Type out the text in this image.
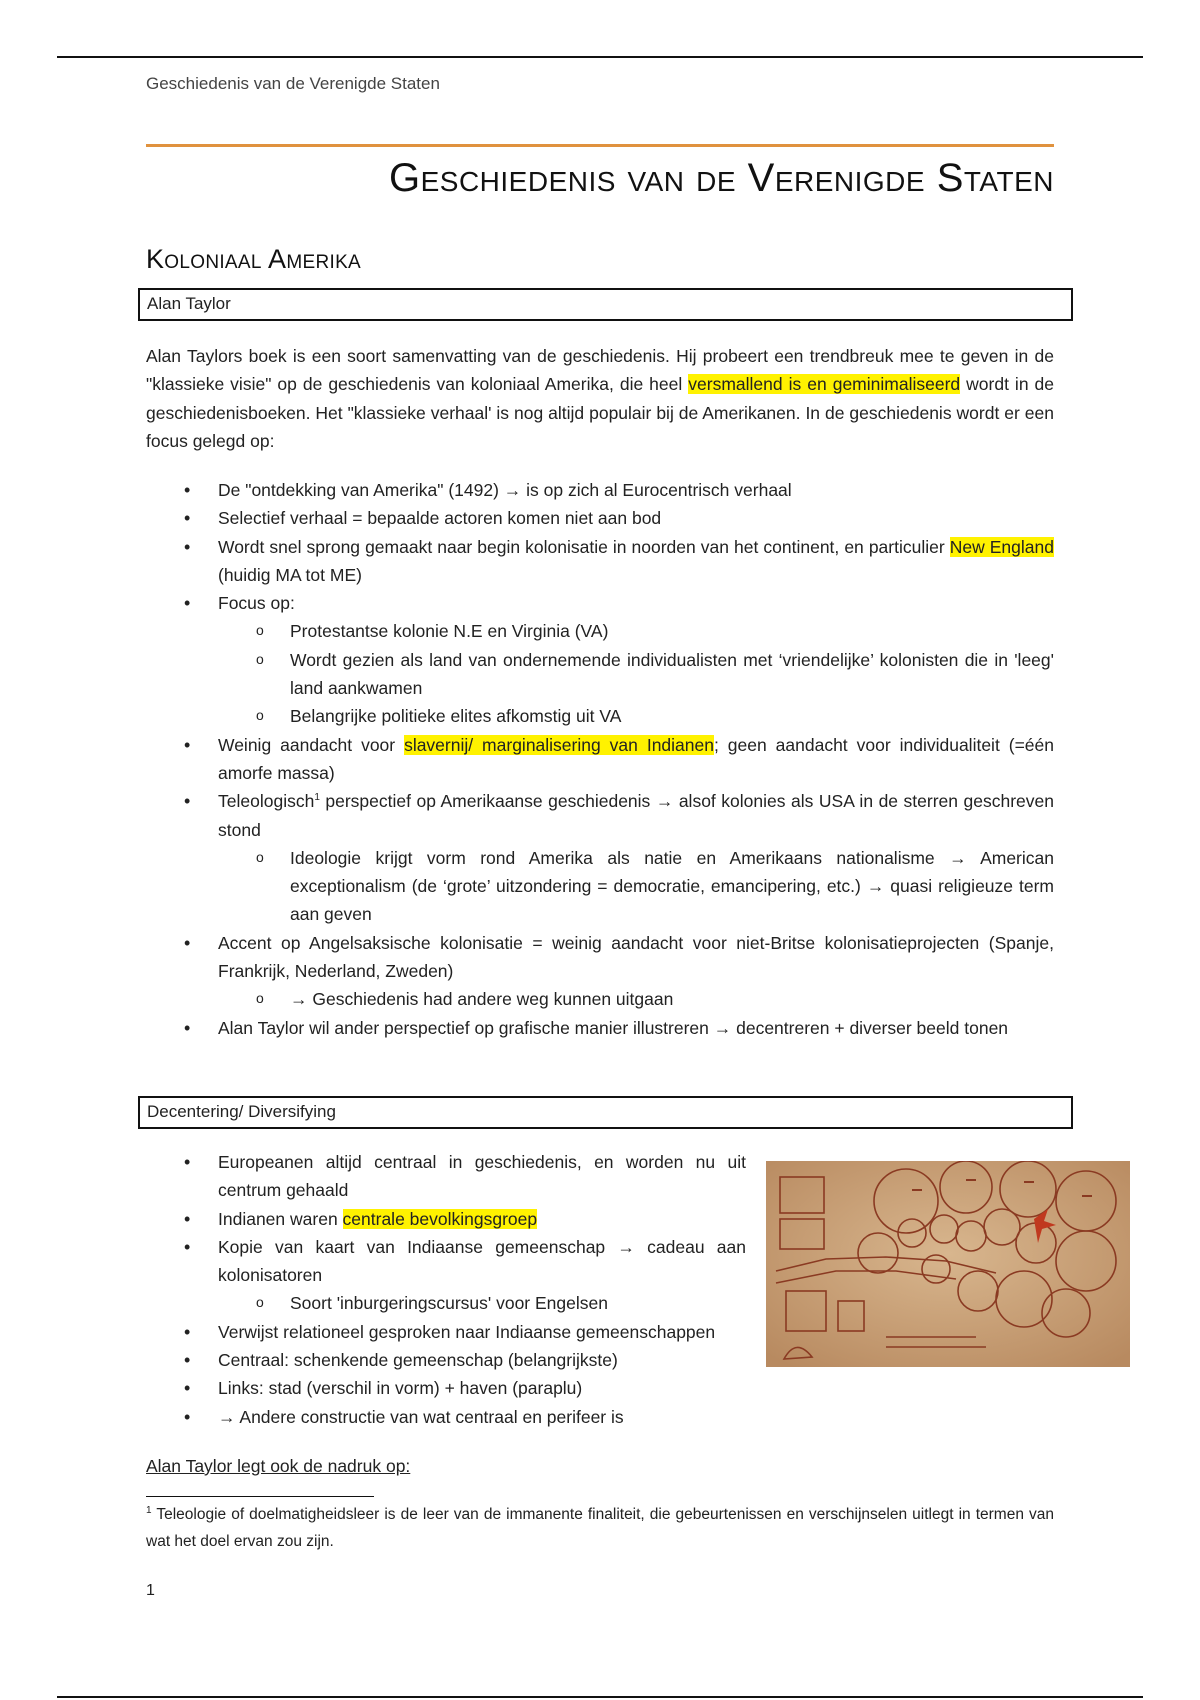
Geschiedenis van de Verenigde Staten
Geschiedenis van de Verenigde Staten
Koloniaal Amerika
Alan Taylor
Alan Taylors boek is een soort samenvatting van de geschiedenis. Hij probeert een trendbreuk mee te geven in de "klassieke visie" op de geschiedenis van koloniaal Amerika, die heel versmallend is en geminimaliseerd wordt in de geschiedenisboeken. Het "klassieke verhaal' is nog altijd populair bij de Amerikanen. In de geschiedenis wordt er een focus gelegd op:
• De "ontdekking van Amerika" (1492) → is op zich al Eurocentrisch verhaal
• Selectief verhaal = bepaalde actoren komen niet aan bod
• Wordt snel sprong gemaakt naar begin kolonisatie in noorden van het continent, en particulier New England (huidig MA tot ME)
• Focus op:
o Protestantse kolonie N.E en Virginia (VA)
o Wordt gezien als land van ondernemende individualisten met ‘vriendelijke’ kolonisten die in 'leeg' land aankwamen
o Belangrijke politieke elites afkomstig uit VA
• Weinig aandacht voor slavernij/ marginalisering van Indianen; geen aandacht voor individualiteit (=één amorfe massa)
• Teleologisch$^1$ perspectief op Amerikaanse geschiedenis → alsof kolonies als USA in de sterren geschreven stond
o Ideologie krijgt vorm rond Amerika als natie en Amerikaans nationalisme → American exceptionalism (de ‘grote’ uitzondering = democratie, emancipering, etc.) → quasi religieuze term aan geven
• Accent op Angelsaksische kolonisatie = weinig aandacht voor niet-Britse kolonisatieprojecten (Spanje, Frankrijk, Nederland, Zweden)
o → Geschiedenis had andere weg kunnen uitgaan
• Alan Taylor wil ander perspectief op grafische manier illustreren → decentreren + diverser beeld tonen
Decentering/ Diversifying
• Europeanen altijd centraal in geschiedenis, en worden nu uit centrum gehaald
• Indianen waren centrale bevolkingsgroep
• Kopie van kaart van Indiaanse gemeenschap → cadeau aan kolonisatoren
o Soort 'inburgeringscursus' voor Engelsen
• Verwijst relationeel gesproken naar Indiaanse gemeenschappen
• Centraal: schenkende gemeenschap (belangrijkste)
• Links: stad (verschil in vorm) + haven (paraplu)
• → Andere constructie van wat centraal en perifeer is
Alan Taylor legt ook de nadruk op:
$^1$ Teleologie of doelmatigheidsleer is de leer van de immanente finaliteit, die gebeurtenissen en verschijnselen uitlegt in termen van wat het doel ervan zou zijn.
1
